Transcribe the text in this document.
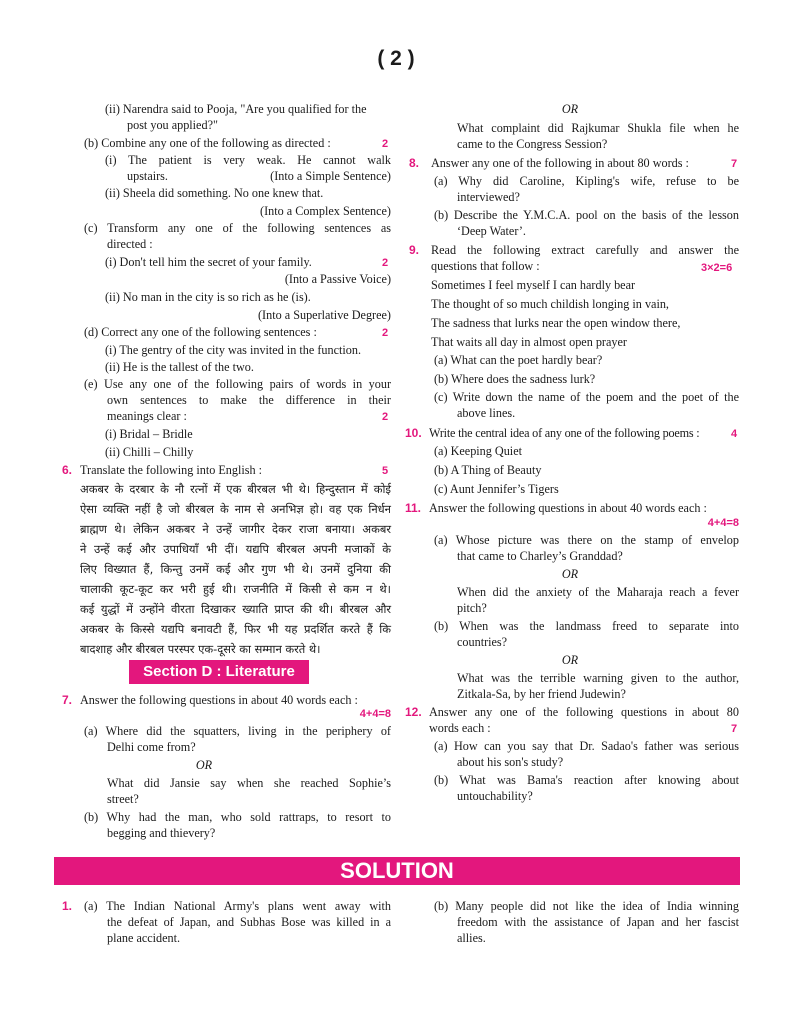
( 2 )
(ii) Narendra said to Pooja, "Are you qualified for the
post you applied?"
(b) Combine any one of the following as directed :	2
(i) The patient is very weak. He cannot walk
upstairs.	(Into a Simple Sentence)
(ii) Sheela did something. No one knew that.
(Into a Complex Sentence)
(c) Transform any one of the following sentences as
directed :
(i) Don't tell him the secret of your family.	2
(Into a Passive Voice)
(ii) No man in the city is so rich as he (is).
(Into a Superlative Degree)
(d) Correct any one of the following sentences :	2
(i) The gentry of the city was invited in the function.
(ii) He is the tallest of the two.
(e) Use any one of the following pairs of words in your
own sentences to make the difference in their
meanings clear :	2
(i) Bridal – Bridle
(ii) Chilli – Chilly
6. Translate the following into English :	5
अकबर के दरबार के नौ रत्नों में एक बीरबल भी थे। हिन्दुस्तान में कोई
ऐसा व्यक्ति नहीं है जो बीरबल के नाम से अनभिज्ञ हो। वह एक निर्धन
ब्राह्मण थे। लेकिन अकबर ने उन्हें जागीर देकर राजा बनाया। अकबर
ने उन्हें कई और उपाधियाँ भी दीं। यद्यपि बीरबल अपनी मजाकों के
लिए विख्यात हैं, किन्तु उनमें कई और गुण भी थे। उनमें दुनिया की
चालाकी कूट-कूट कर भरी हुई थी। राजनीति में किसी से कम न थे।
कई युद्धों में उन्होंने वीरता दिखाकर ख्याति प्राप्त की थी। बीरबल और
अकबर के किस्से यद्यपि बनावटी हैं, फिर भी यह प्रदर्शित करते हैं कि
बादशाह और बीरबल परस्पर एक-दूसरे का सम्मान करते थे।
Section D : Literature
7. Answer the following questions in about 40 words each :
4+4=8
(a) Where did the squatters, living in the periphery of
Delhi come from?
OR
What did Jansie say when she reached Sophie’s
street?
(b) Why had the man, who sold rattraps, to resort to
begging and thievery?
OR
What complaint did Rajkumar Shukla file when he
came to the Congress Session?
8. Answer any one of the following in about 80 words :	7
(a) Why did Caroline, Kipling's wife, refuse to be
interviewed?
(b) Describe the Y.M.C.A. pool on the basis of the lesson
‘Deep Water’.
9. Read the following extract carefully and answer the
questions that follow :	3×2=6
Sometimes I feel myself I can hardly bear
The thought of so much childish longing in vain,
The sadness that lurks near the open window there,
That waits all day in almost open prayer
(a) What can the poet hardly bear?
(b) Where does the sadness lurk?
(c) Write down the name of the poem and the poet of the
above lines.
10. Write the central idea of any one of the following poems :	4
(a) Keeping Quiet
(b) A Thing of Beauty
(c) Aunt Jennifer’s Tigers
11. Answer the following questions in about 40 words each :
4+4=8
(a) Whose picture was there on the stamp of envelop
that came to Charley’s Granddad?
OR
When did the anxiety of the Maharaja reach a fever
pitch?
(b) When was the landmass freed to separate into
countries?
OR
What was the terrible warning given to the author,
Zitkala-Sa, by her friend Judewin?
12. Answer any one of the following questions in about 80
words each :	7
(a) How can you say that Dr. Sadao's father was serious
about his son's study?
(b) What was Bama's reaction after knowing about
untouchability?
SOLUTION
1. (a) The Indian National Army's plans went away with
the defeat of Japan, and Subhas Bose was killed in a
plane accident.
(b) Many people did not like the idea of India winning
freedom with the assistance of Japan and her fascist
allies.
